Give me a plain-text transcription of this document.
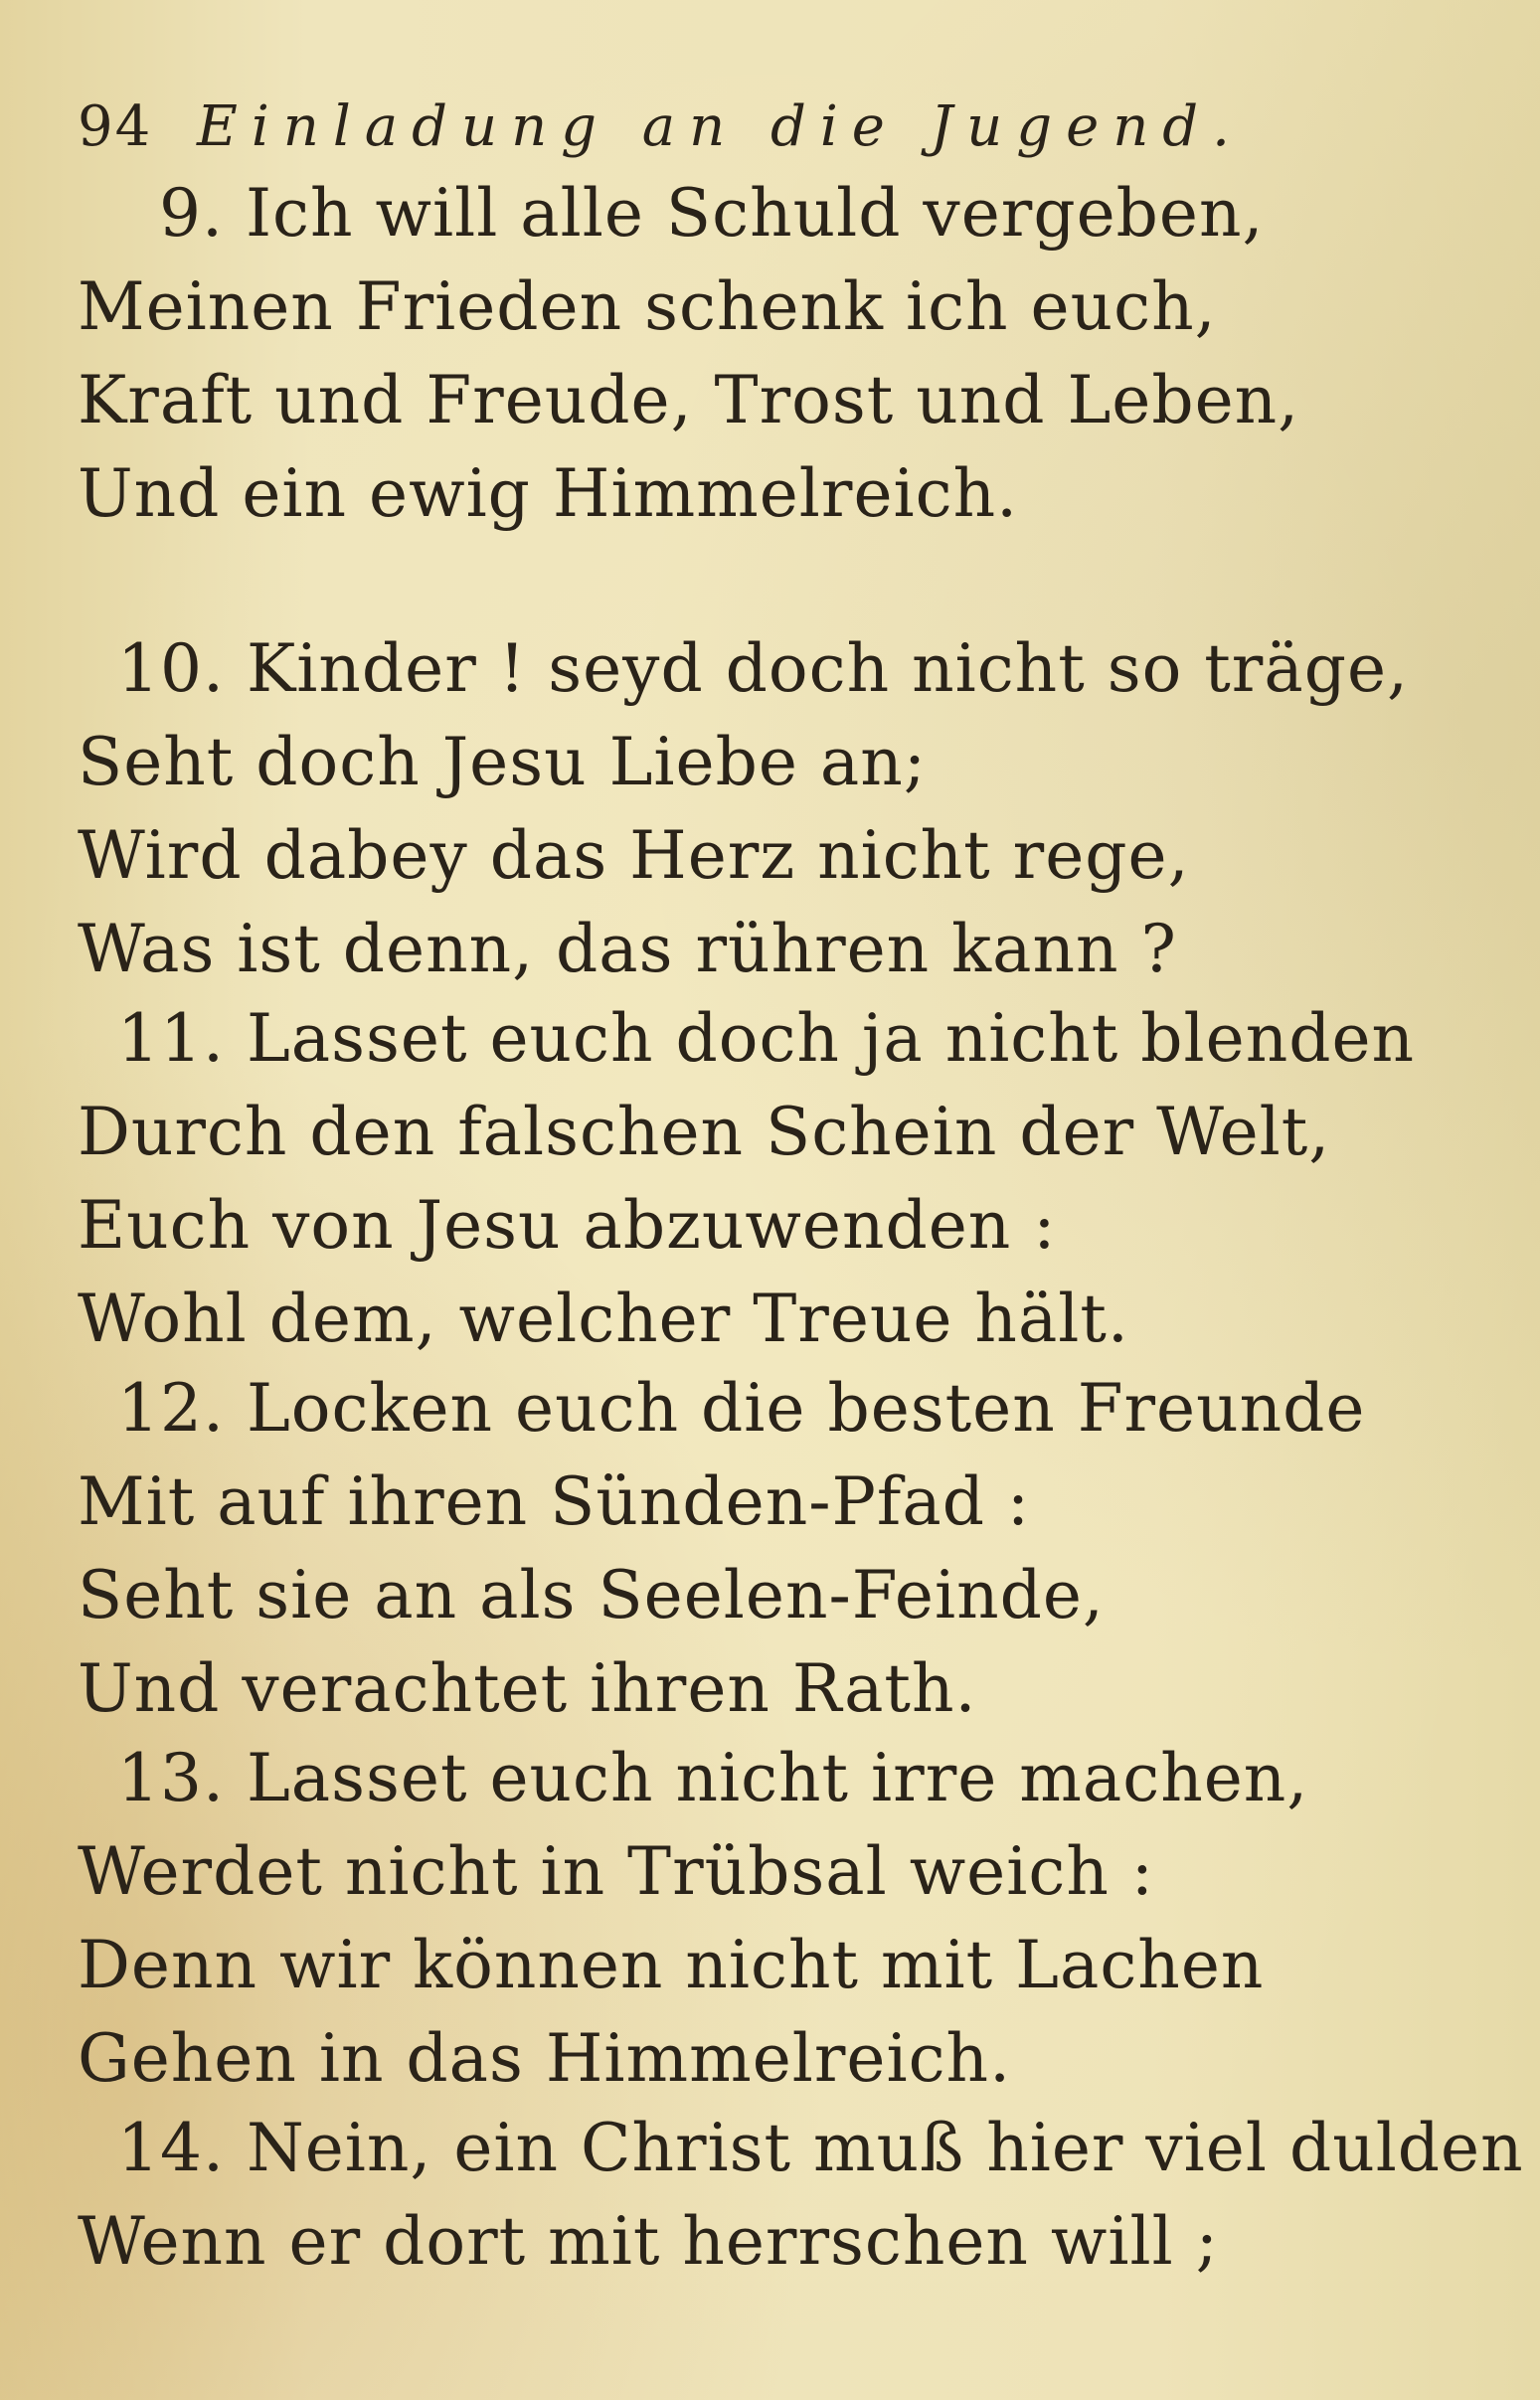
94 Einladung an die Jugend.
9. Ich will alle Schuld vergeben,
Meinen Frieden schenk ich euch,
Kraft und Freude, Trost und Leben,
Und ein ewig Himmelreich.
10. Kinder ! seyd doch nicht so träge,
Seht doch Jesu Liebe an;
Wird dabey das Herz nicht rege,
Was ist denn, das rühren kann ?
11. Lasset euch doch ja nicht blenden
Durch den falschen Schein der Welt,
Euch von Jesu abzuwenden :
Wohl dem, welcher Treue hält.
12. Locken euch die besten Freunde
Mit auf ihren Sünden-Pfad :
Seht sie an als Seelen-Feinde,
Und verachtet ihren Rath.
13. Lasset euch nicht irre machen,
Werdet nicht in Trübsal weich :
Denn wir können nicht mit Lachen
Gehen in das Himmelreich.
14. Nein, ein Christ muß hier viel dulden
Wenn er dort mit herrschen will ;
